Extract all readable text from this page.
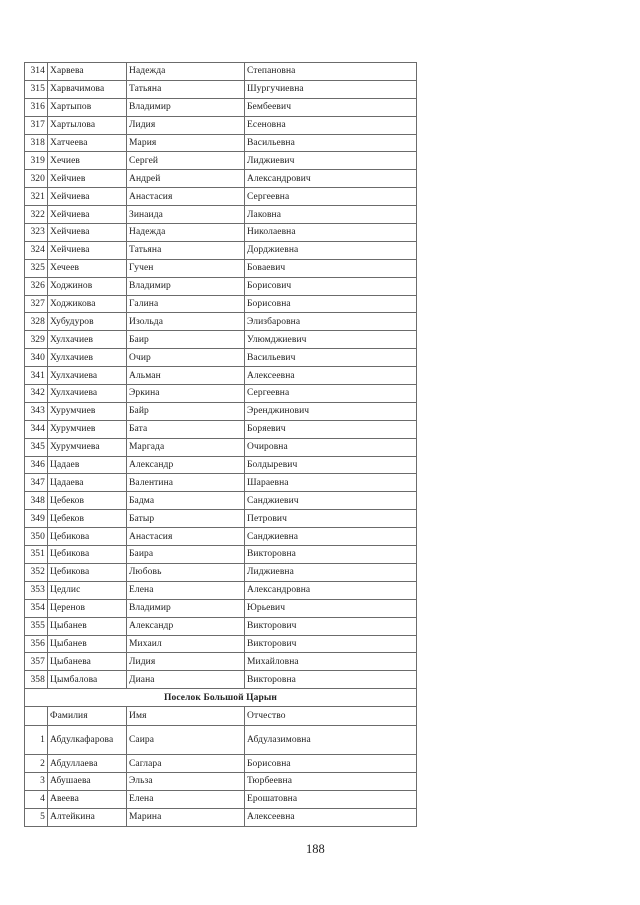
314	Харвева	Надежда	Степановна
315	Харвачимова	Татьяна	Шургучиевна
316	Хартыпов	Владимир	Бембеевич
317	Хартылова	Лидия	Есеновна
318	Хатчеева	Мария	Васильевна
319	Хечиев	Сергей	Лиджиевич
320	Хейчиев	Андрей	Александрович
321	Хейчиева	Анастасия	Сергеевна
322	Хейчиева	Зинаида	Лаковна
323	Хейчиева	Надежда	Николаевна
324	Хейчиева	Татьяна	Дорджиевна
325	Хечеев	Гучен	Бовaевич
326	Ходжинов	Владимир	Борисович
327	Ходжикова	Галина	Борисовна
328	Хубудуров	Изольда	Элизбаровна
329	Хулхачиев	Баир	Улюмджиевич
340	Хулхачиев	Очир	Васильевич
341	Хулхачиева	Альман	Алексеевна
342	Хулхачиева	Эркина	Сергеевна
343	Хурумчиев	Байр	Эренджинович
344	Хурумчиев	Бата	Боряевич
345	Хурумчиева	Маргада	Очировна
346	Цадаев	Александр	Болдыревич
347	Цадаева	Валентина	Шараевна
348	Цебеков	Бадма	Санджиевич
349	Цебеков	Батыр	Петрович
350	Цебикова	Анастасия	Санджиевна
351	Цебикова	Баира	Викторовна
352	Цебикова	Любовь	Лиджиевна
353	Цедлис	Елена	Александровна
354	Церенов	Владимир	Юрьевич
355	Цыбанев	Александр	Викторович
356	Цыбанев	Михаил	Викторович
357	Цыбанева	Лидия	Михайловна
358	Цымбалова	Диана	Викторовна
Поселок Большой Царын			
	Фамилия	Имя	Отчество
1	Абдулкафарова	Саира	Абдулазимовна
2	Абдуллаева	Саглара	Борисовна
3	Абушаева	Эльза	Тюрбеевна
4	Авеева	Елена	Ерошатовна
5	Алтейкина	Марина	Алексеевна
188
